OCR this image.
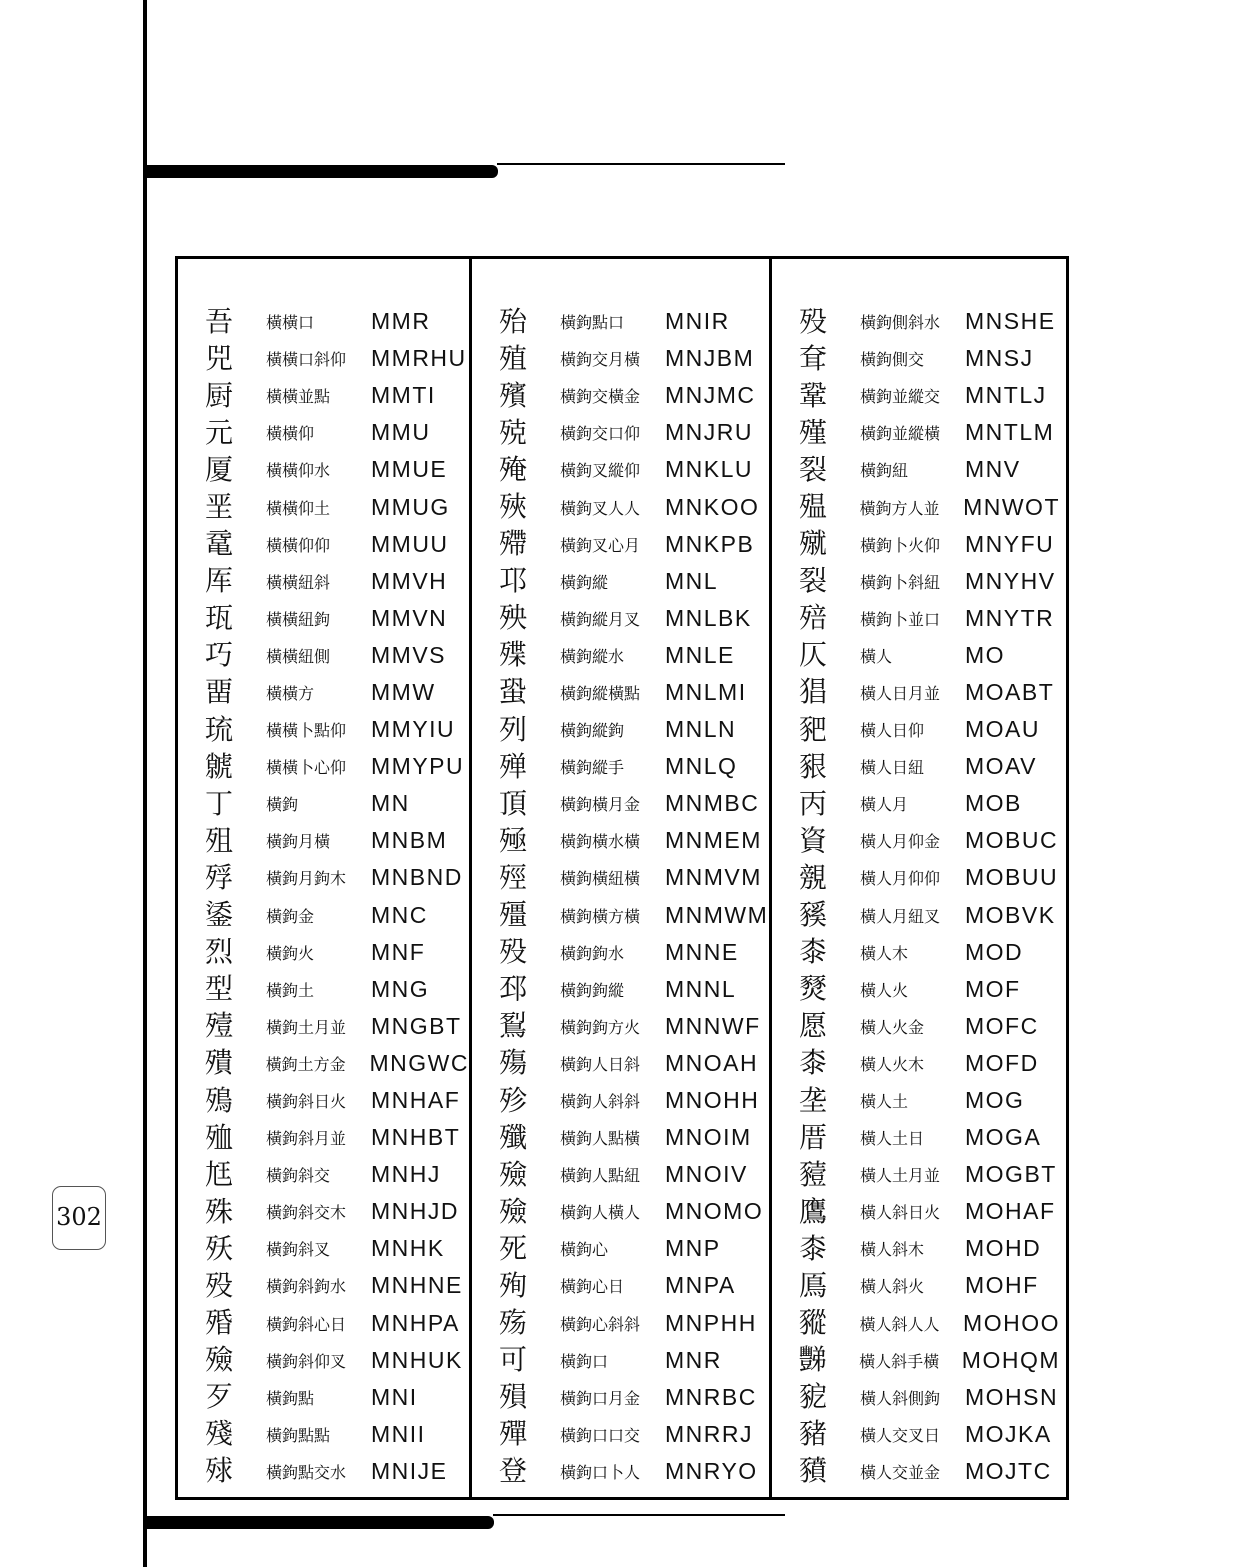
吾	橫橫口	MMR
兕	橫橫口斜仰	MMRHU
厨	橫橫並點	MMTI
元	橫橫仰	MMU
厦	橫橫仰水	MMUE
垩	橫橫仰土	MMUG
鼋	橫橫仰仰	MMUU
厍	橫橫紐斜	MMVH
珁	橫橫紐鉤	MMVN
巧	橫橫紐側	MMVS
畱	橫橫方	MMW
琉	橫橫卜點仰	MMYIU
虩	橫橫卜心仰	MMYPU
丁	橫鉤	MN
殂	橫鉤月橫	MNBM
殍	橫鉤月鉤木	MNBND
鋈	橫鉤金	MNC
烈	橫鉤火	MNF
型	橫鉤土	MNG
殪	橫鉤土月並	MNGBT
殨	橫鉤土方金	MNGWC
殦	橫鉤斜日火	MNHAF
殈	橫鉤斜月並	MNHBT
尪	橫鉤斜交	MNHJ
殊	橫鉤斜交木	MNHJD
殀	橫鉤斜叉	MNHK
殁	橫鉤斜鉤水	MNHNE
殙	橫鉤斜心日	MNHPA
殮	橫鉤斜仰叉	MNHUK
歹	橫鉤點	MNI
殘	橫鉤點點	MNII
殏	橫鉤點交水	MNIJE
殆	橫鉤點口	MNIR
殖	橫鉤交月橫	MNJBM
殯	橫鉤交橫金	MNJMC
殑	橫鉤交口仰	MNJRU
殗	橫鉤叉縱仰	MNKLU
殎	橫鉤叉人人	MNKOO
殢	橫鉤叉心月	MNKPB
邛	橫鉤縱	MNL
殃	橫鉤縱月叉	MNLBK
殜	橫鉤縱水	MNLE
蛩	橫鉤縱橫點	MNLMI
列	橫鉤縱鉤	MNLN
殚	橫鉤縱手	MNLQ
頂	橫鉤橫月金	MNMBC
殛	橫鉤橫水橫	MNMEM
殌	橫鉤橫紐橫	MNMVM
殭	橫鉤橫方橫	MNMWM
殁	橫鉤鉤水	MNNE
邳	橫鉤鉤縱	MNNL
鴷	橫鉤鉤方火	MNNWF
殤	橫鉤人日斜	MNOAH
殄	橫鉤人斜斜	MNOHH
殲	橫鉤人點橫	MNOIM
殮	橫鉤人點紐	MNOIV
殮	橫鉤人橫人	MNOMO
死	橫鉤心	MNP
殉	橫鉤心日	MNPA
殇	橫鉤心斜斜	MNPHH
可	橫鉤口	MNR
殞	橫鉤口月金	MNRBC
殫	橫鉤口口交	MNRRJ
登	橫鉤口卜人	MNRYO
殁	橫鉤側斜水	MNSHE
耷	橫鉤側交	MNSJ
鞏	橫鉤並縱交	MNTLJ
殣	橫鉤並縱橫	MNTLM
裂	橫鉤紐	MNV
殟	橫鉤方人並	MNWOT
殧	橫鉤卜火仰	MNYFU
裂	橫鉤卜斜紐	MNYHV
殕	橫鉤卜並口	MNYTR
仄	橫人	MO
猖	橫人日月並	MOABT
豝	橫人日仰	MOAU
豤	橫人日紐	MOAV
丙	橫人月	MOB
資	橫人月仰金	MOBUC
覫	橫人月仰仰	MOBUU
豯	橫人月紐叉	MOBVK
桼	橫人木	MOD
燹	橫人火	MOF
愿	橫人火金	MOFC
桼	橫人火木	MOFD
垄	橫人土	MOG
厝	橫人土日	MOGA
豷	橫人土月並	MOGBT
鷹	橫人斜日火	MOHAF
桼	橫人斜木	MOHD
鳫	橫人斜火	MOHF
豵	橫人斜人人	MOHOO
豒	橫人斜手橫 MOHQM
豟	橫人斜側鉤	MOHSN
豬	橫人交叉日	MOJKA
豶	橫人交並金	MOJTC
302
